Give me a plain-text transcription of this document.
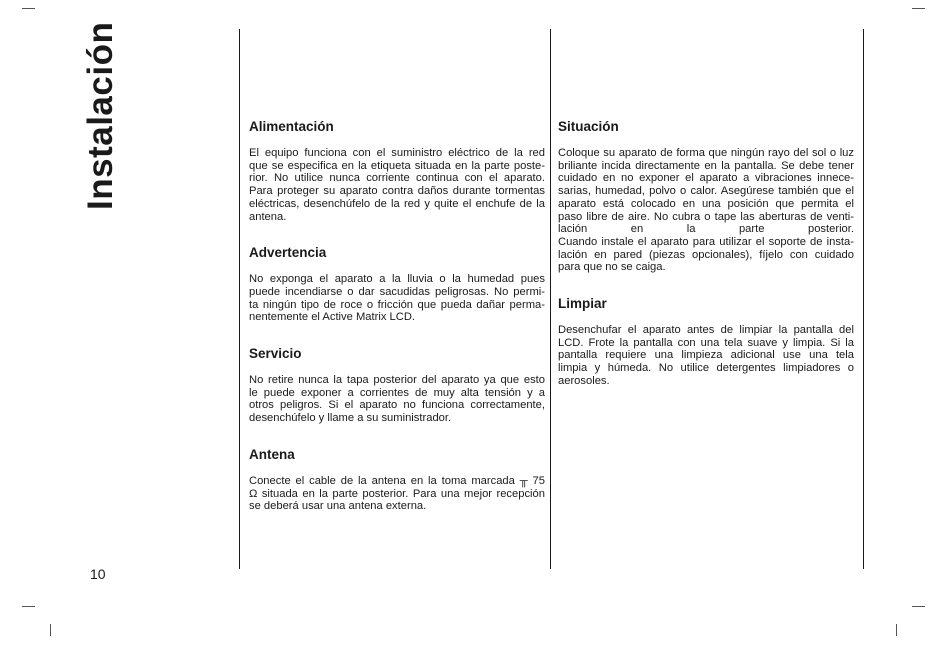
Instalación
10
Alimentación
El equipo funciona con el suministro eléctrico de la red
que se especifica en la etiqueta situada en la parte poste-
rior. No utilice nunca corriente continua con el aparato.
Para proteger su aparato contra daños durante tormentas
eléctricas, desenchúfelo de la red y quite el enchufe de la
antena.
Advertencia
No exponga el aparato a la lluvia o la humedad pues
puede incendiarse o dar sacudidas peligrosas. No permi-
ta ningún tipo de roce o fricción que pueda dañar perma-
nentemente el Active Matrix LCD.
Servicio
No retire nunca la tapa posterior del aparato ya que esto
le puede exponer a corrientes de muy alta tensión y a
otros peligros. Si el aparato no funciona correctamente,
desenchúfelo y llame a su suministrador.
Antena
Conecte el cable de la antena en la toma marcada ╥ 75
Ω situada en la parte posterior. Para una mejor recepción
se deberá usar una antena externa.
Situación
Coloque su aparato de forma que ningún rayo del sol o luz
briliante incida directamente en la pantalla. Se debe tener
cuidado en no exponer el aparato a vibraciones innece-
sarias, humedad, polvo o calor. Asegúrese también que el
aparato está colocado en una posición que permita el
paso libre de aire. No cubra o tape las aberturas de venti-
lación en la parte posterior.
Cuando instale el aparato para utilizar el soporte de insta-
lación en pared (piezas opcionales), fíjelo con cuidado
para que no se caiga.
Limpiar
Desenchufar el aparato antes de limpiar la pantalla del
LCD. Frote la pantalla con una tela suave y limpia. Si la
pantalla requiere una limpieza adicional use una tela
limpia y húmeda. No utilice detergentes limpiadores o
aerosoles.
